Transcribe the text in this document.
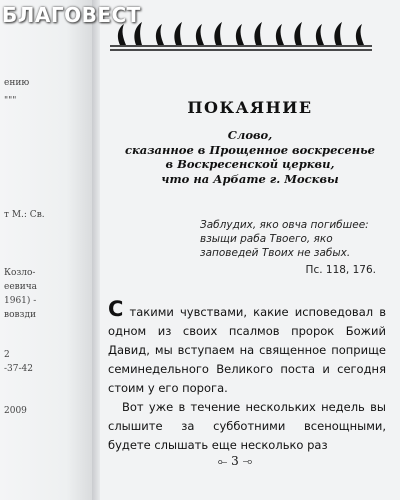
БЛАГОВЕСТ
ению
"""
т М.: Св.
Козло-
еевича
1961) -
вовзди
2
-37-42
2009
ПОКАЯНИЕ
Слово,
сказанное в Прощенное воскресенье
в Воскресенской церкви,
что на Арбате г. Москвы
Заблудих, яко овча погибшее:
взыщи раба Твоего, яко
заповедей Твоих не забых.
Пс. 118, 176.

С такими чувствами, какие исповедовал в одном из своих псалмов пророк Божий Давид, мы вступаем на священное поприще семинедельного Великого поста и сегодня стоим у его порога.

Вот уже в течение нескольких недель вы слышите за субботними всенощными, будете слышать еще несколько раз

⟜ 3 ⊸
